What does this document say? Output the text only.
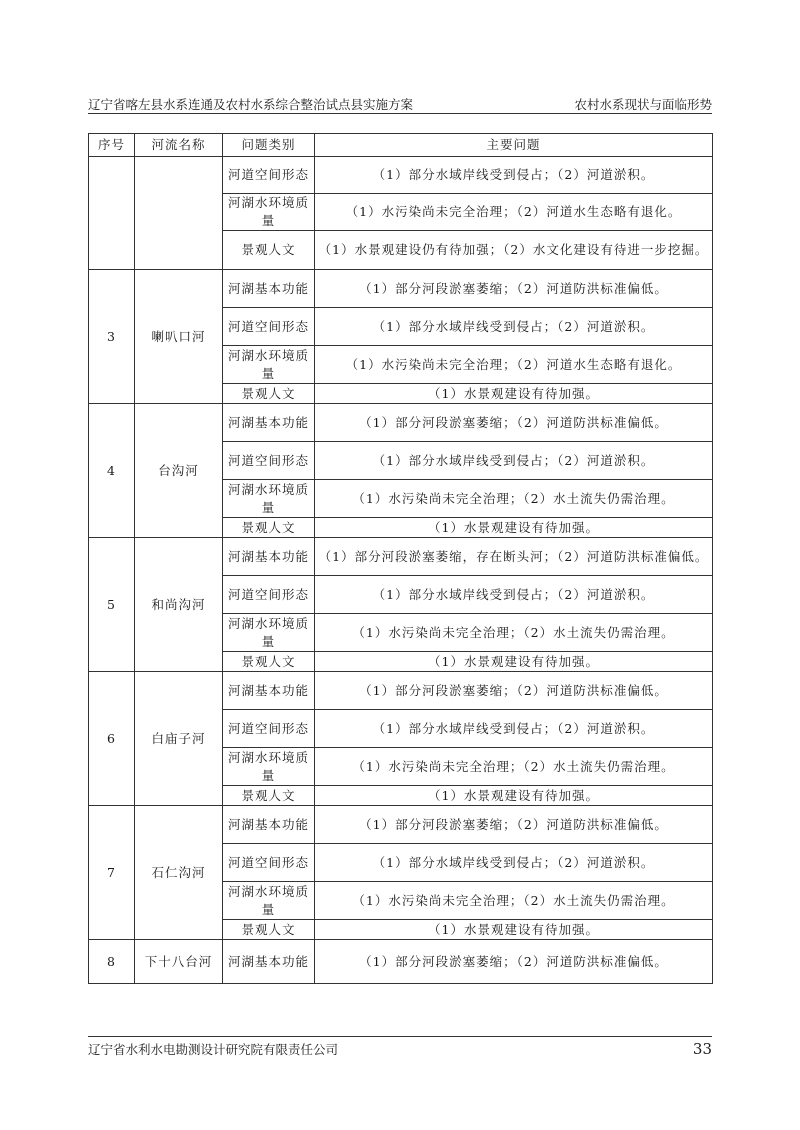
辽宁省喀左县水系连通及农村水系综合整治试点县实施方案	农村水系现状与面临形势
序号	河流名称	问题类别	主要问题
		河道空间形态	（1）部分水域岸线受到侵占；（2）河道淤积。
		河湖水环境质量	（1）水污染尚未完全治理；（2）河道水生态略有退化。
		景观人文	（1）水景观建设仍有待加强；（2）水文化建设有待进一步挖掘。
3	喇叭口河	河湖基本功能	（1）部分河段淤塞萎缩；（2）河道防洪标准偏低。
		河道空间形态	（1）部分水域岸线受到侵占；（2）河道淤积。
		河湖水环境质量	（1）水污染尚未完全治理；（2）河道水生态略有退化。
		景观人文	（1）水景观建设有待加强。
4	台沟河	河湖基本功能	（1）部分河段淤塞萎缩；（2）河道防洪标准偏低。
		河道空间形态	（1）部分水域岸线受到侵占；（2）河道淤积。
		河湖水环境质量	（1）水污染尚未完全治理；（2）水土流失仍需治理。
		景观人文	（1）水景观建设有待加强。
5	和尚沟河	河湖基本功能	（1）部分河段淤塞萎缩，存在断头河；（2）河道防洪标准偏低。
		河道空间形态	（1）部分水域岸线受到侵占；（2）河道淤积。
		河湖水环境质量	（1）水污染尚未完全治理；（2）水土流失仍需治理。
		景观人文	（1）水景观建设有待加强。
6	白庙子河	河湖基本功能	（1）部分河段淤塞萎缩；（2）河道防洪标准偏低。
		河道空间形态	（1）部分水域岸线受到侵占；（2）河道淤积。
		河湖水环境质量	（1）水污染尚未完全治理；（2）水土流失仍需治理。
		景观人文	（1）水景观建设有待加强。
7	石仁沟河	河湖基本功能	（1）部分河段淤塞萎缩；（2）河道防洪标准偏低。
		河道空间形态	（1）部分水域岸线受到侵占；（2）河道淤积。
		河湖水环境质量	（1）水污染尚未完全治理；（2）水土流失仍需治理。
		景观人文	（1）水景观建设有待加强。
8	下十八台河	河湖基本功能	（1）部分河段淤塞萎缩；（2）河道防洪标准偏低。
辽宁省水利水电勘测设计研究院有限责任公司	33
